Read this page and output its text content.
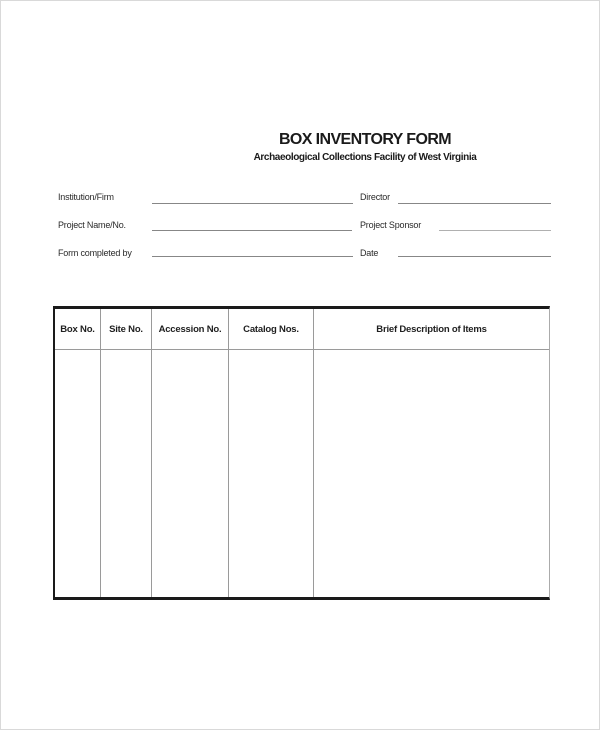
BOX INVENTORY FORM
Archaeological Collections Facility of West Virginia
Institution/Firm	Director
Project Name/No.	Project Sponsor
Form completed by	Date
Box No.	Site No.	Accession No.	Catalog Nos.	Brief Description of Items
